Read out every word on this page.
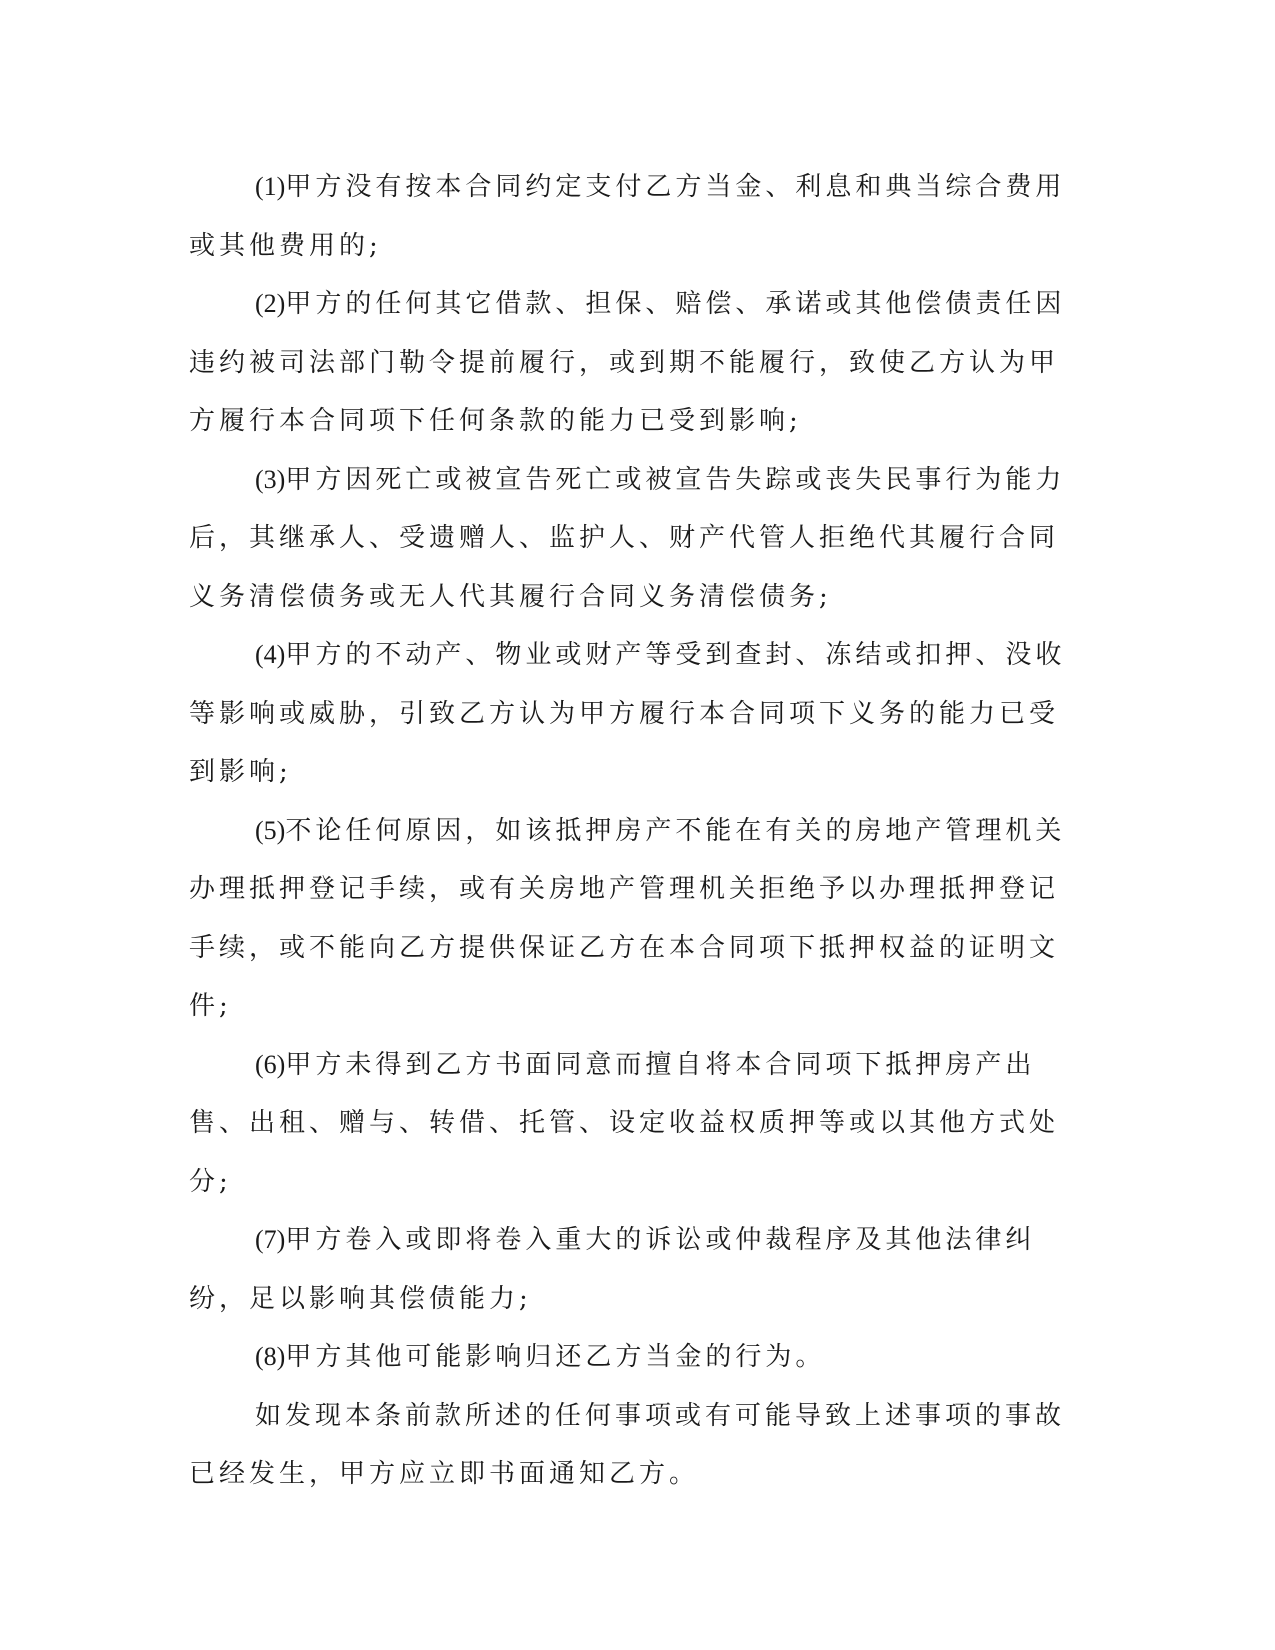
(1)甲方没有按本合同约定支付乙方当金、利息和典当综合费用或其他费用的;

(2)甲方的任何其它借款、担保、赔偿、承诺或其他偿债责任因违约被司法部门勒令提前履行，或到期不能履行，致使乙方认为甲方履行本合同项下任何条款的能力已受到影响;

(3)甲方因死亡或被宣告死亡或被宣告失踪或丧失民事行为能力后，其继承人、受遗赠人、监护人、财产代管人拒绝代其履行合同义务清偿债务或无人代其履行合同义务清偿债务;

(4)甲方的不动产、物业或财产等受到查封、冻结或扣押、没收等影响或威胁，引致乙方认为甲方履行本合同项下义务的能力已受到影响;

(5)不论任何原因，如该抵押房产不能在有关的房地产管理机关办理抵押登记手续，或有关房地产管理机关拒绝予以办理抵押登记手续，或不能向乙方提供保证乙方在本合同项下抵押权益的证明文件;

(6)甲方未得到乙方书面同意而擅自将本合同项下抵押房产出售、出租、赠与、转借、托管、设定收益权质押等或以其他方式处分;

(7)甲方卷入或即将卷入重大的诉讼或仲裁程序及其他法律纠纷，足以影响其偿债能力;

(8)甲方其他可能影响归还乙方当金的行为。

如发现本条前款所述的任何事项或有可能导致上述事项的事故已经发生，甲方应立即书面通知乙方。
